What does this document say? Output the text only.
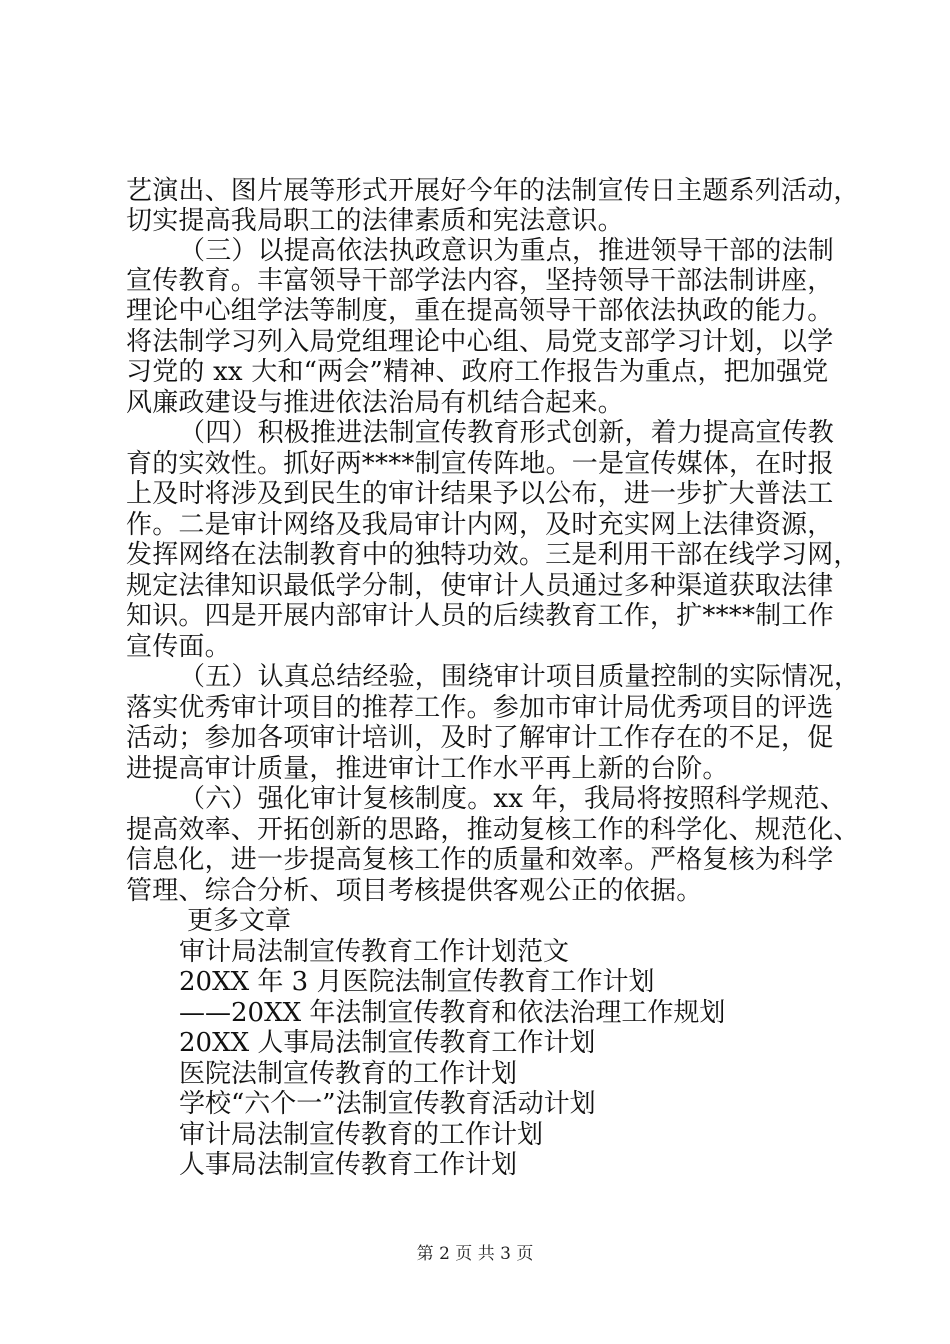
艺演出、图片展等形式开展好今年的法制宣传日主题系列活动，
切实提高我局职工的法律素质和宪法意识。
（三）以提高依法执政意识为重点，推进领导干部的法制
宣传教育。丰富领导干部学法内容，坚持领导干部法制讲座，
理论中心组学法等制度，重在提高领导干部依法执政的能力。
将法制学习列入局党组理论中心组、局党支部学习计划，以学
习党的 xx 大和“两会”精神、政府工作报告为重点，把加强党
风廉政建设与推进依法治局有机结合起来。
（四）积极推进法制宣传教育形式创新，着力提高宣传教
育的实效性。抓好两****制宣传阵地。一是宣传媒体，在时报
上及时将涉及到民生的审计结果予以公布，进一步扩大普法工
作。二是审计网络及我局审计内网，及时充实网上法律资源，
发挥网络在法制教育中的独特功效。三是利用干部在线学习网，
规定法律知识最低学分制，使审计人员通过多种渠道获取法律
知识。四是开展内部审计人员的后续教育工作，扩****制工作
宣传面。
（五）认真总结经验，围绕审计项目质量控制的实际情况，
落实优秀审计项目的推荐工作。参加市审计局优秀项目的评选
活动；参加各项审计培训，及时了解审计工作存在的不足，促
进提高审计质量，推进审计工作水平再上新的台阶。
（六）强化审计复核制度。xx 年，我局将按照科学规范、
提高效率、开拓创新的思路，推动复核工作的科学化、规范化、
信息化，进一步提高复核工作的质量和效率。严格复核为科学
管理、综合分析、项目考核提供客观公正的依据。
更多文章
审计局法制宣传教育工作计划范文
20XX 年 3 月医院法制宣传教育工作计划
——20XX 年法制宣传教育和依法治理工作规划
20XX 人事局法制宣传教育工作计划
医院法制宣传教育的工作计划
学校“六个一”法制宣传教育活动计划
审计局法制宣传教育的工作计划
人事局法制宣传教育工作计划
第 2 页 共 3 页
